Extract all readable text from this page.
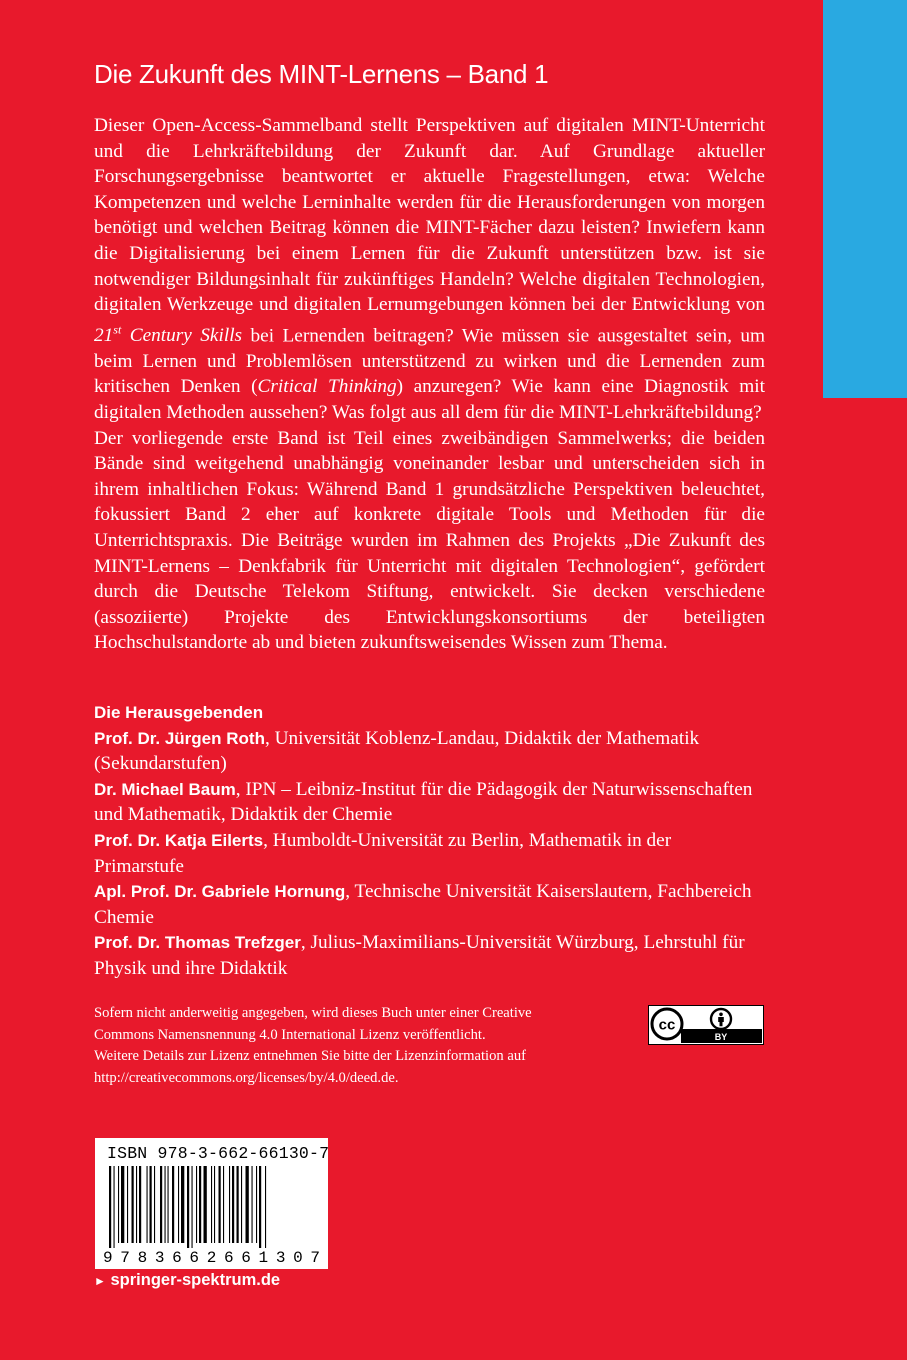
Die Zukunft des MINT-Lernens – Band 1

Dieser Open-Access-Sammelband stellt Perspektiven auf digitalen MINT-Unterricht und die Lehrkräftebildung der Zukunft dar. Auf Grundlage aktueller Forschungsergebnisse beantwortet er aktuelle Fragestellungen, etwa: Welche Kompetenzen und welche Lerninhalte werden für die Herausforderungen von morgen benötigt und welchen Beitrag können die MINT-Fächer dazu leisten? Inwiefern kann die Digitalisierung bei einem Lernen für die Zukunft unterstützen bzw. ist sie notwendiger Bildungsinhalt für zukünftiges Handeln? Welche digitalen Technologien, digitalen Werkzeuge und digitalen Lernumgebungen können bei der Entwicklung von 21st Century Skills bei Lernenden beitragen? Wie müssen sie ausgestaltet sein, um beim Lernen und Problemlösen unterstützend zu wirken und die Lernenden zum kritischen Denken (Critical Thinking) anzuregen? Wie kann eine Diagnostik mit digitalen Methoden aussehen? Was folgt aus all dem für die MINT-Lehrkräftebildung?

Der vorliegende erste Band ist Teil eines zweibändigen Sammelwerks; die beiden Bände sind weitgehend unabhängig voneinander lesbar und unterscheiden sich in ihrem inhaltlichen Fokus: Während Band 1 grundsätzliche Perspektiven beleuchtet, fokussiert Band 2 eher auf konkrete digitale Tools und Methoden für die Unterrichtspraxis. Die Beiträge wurden im Rahmen des Projekts „Die Zukunft des MINT-Lernens – Denkfabrik für Unterricht mit digitalen Technologien“, gefördert durch die Deutsche Telekom Stiftung, entwickelt. Sie decken verschiedene (assoziierte) Projekte des Entwicklungskonsortiums der beteiligten Hochschulstandorte ab und bieten zukunftsweisendes Wissen zum Thema.

Die Herausgebenden

Prof. Dr. Jürgen Roth, Universität Koblenz-Landau, Didaktik der Mathematik (Sekundarstufen)

Dr. Michael Baum, IPN – Leibniz-Institut für die Pädagogik der Naturwissenschaften und Mathematik, Didaktik der Chemie

Prof. Dr. Katja Eilerts, Humboldt-Universität zu Berlin, Mathematik in der Primarstufe

Apl. Prof. Dr. Gabriele Hornung, Technische Universität Kaiserslautern, Fachbereich Chemie

Prof. Dr. Thomas Trefzger, Julius-Maximilians-Universität Würzburg, Lehrstuhl für Physik und ihre Didaktik

Sofern nicht anderweitig angegeben, wird dieses Buch unter einer Creative
Commons Namensnennung 4.0 International Lizenz veröffentlicht.
Weitere Details zur Lizenz entnehmen Sie bitte der Lizenzinformation auf
http://creativecommons.org/licenses/by/4.0/deed.de.

cc
BY
ISBN 978-3-662-66130-7
9783662661307
► springer-spektrum.de
